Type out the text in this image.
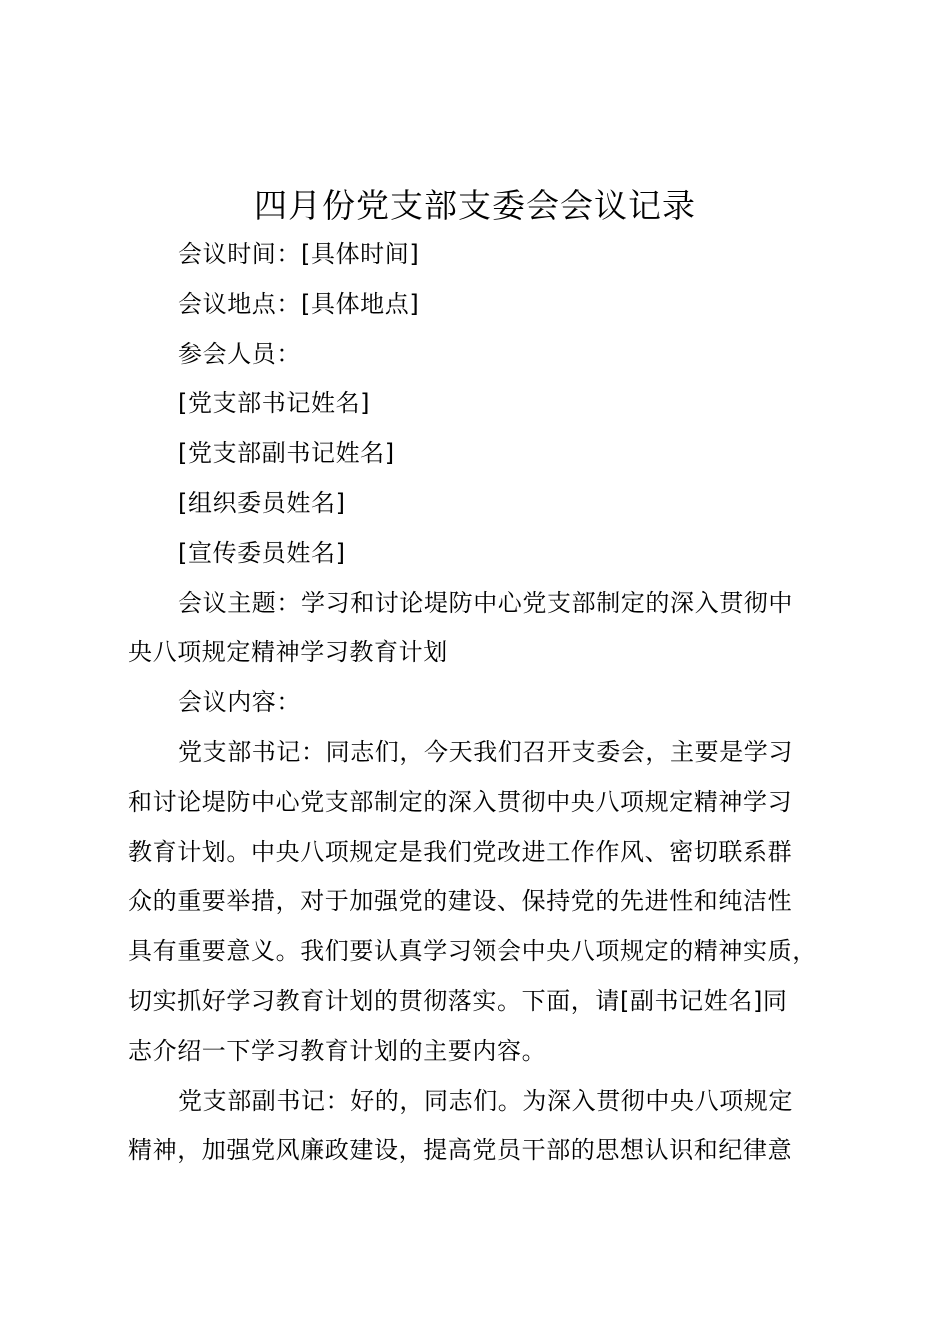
四月份党支部支委会会议记录
会议时间：[具体时间]
会议地点：[具体地点]
参会人员：
[党支部书记姓名]
[党支部副书记姓名]
[组织委员姓名]
[宣传委员姓名]
会议主题：学习和讨论堤防中心党支部制定的深入贯彻中
央八项规定精神学习教育计划
会议内容：
党支部书记：同志们，今天我们召开支委会，主要是学习
和讨论堤防中心党支部制定的深入贯彻中央八项规定精神学习
教育计划。中央八项规定是我们党改进工作作风、密切联系群
众的重要举措，对于加强党的建设、保持党的先进性和纯洁性
具有重要意义。我们要认真学习领会中央八项规定的精神实质，
切实抓好学习教育计划的贯彻落实。下面，请[副书记姓名]同
志介绍一下学习教育计划的主要内容。
党支部副书记：好的，同志们。为深入贯彻中央八项规定
精神，加强党风廉政建设，提高党员干部的思想认识和纪律意
